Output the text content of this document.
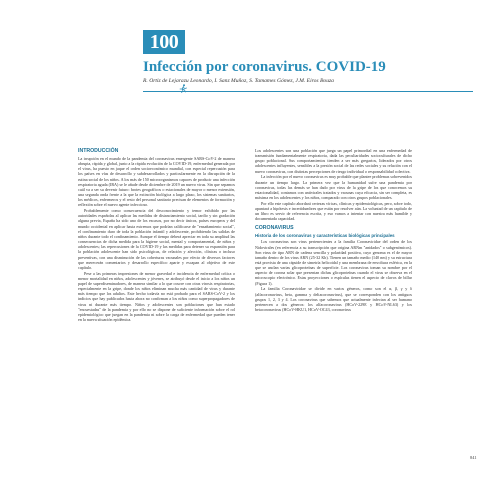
100
Infección por coronavirus. COVID-19
R. Ortiz de Lejarazu Leonardo, I. Sanz Muñoz, S. Tamames Gómez, J.M. Eiros Bouza
INTRODUCCIÓN

La irrupción en el mundo de la pandemia del coronavirus emergente SARS-CoV-2 de manera abrupta, rápida y global, junto a la rápida evolución de la COVID-19, enfermedad generada por el virus, ha puesto en jaque el orden socioeconómico mundial, con especial repercusión para los países en vías de desarrollo y subdesarrollados y particularmente en la disrupción de la rutina social de los niños. A los más de 150 microorganismos capaces de producir una infección respiratoria aguda (IRA) se le añade desde diciembre de 2019 un nuevo virus. Sin que sepamos cuál va a ser su devenir futuro: brotes geográficos o estacionales de mayor o menor extensión, una segunda onda frente a la que la extinción biológica a largo plazo, los sistemas sanitarios, los médicos, enfermeros y el resto del personal sanitario precisan de elementos de formación y reflexión sobre el nuevo agente infeccioso.

Probablemente como consecuencia del desconocimiento y temor exhibido por las autoridades españolas al aplicar las medidas de distanciamiento social, tardío y sin gradación alguna previa, España ha sido uno de los escasos, por no decir únicos, países europeos y del mundo occidental en aplicar hasta extremos que podrían calificarse de "ensañamiento social", el confinamiento duro de toda la población infantil y adolescente, prohibiendo las salidas de niños durante todo el confinamiento. Aunque el tiempo deberá apreciar en toda su amplitud las consecuencias de dicha medida para la higiene social, mental y comportamental, de niños y adolescentes; las repercusiones de la COVID-19 y las medidas para detener su expansión para la población adolescente han sido psicológicas, de relación y afección, clínicas o incluso preventivas, con una disminución de las coberturas vacunales por efecto de diversos factores que merecerán comentarios y desarrollo específico aparte y escapan al objetivo de este capítulo.

Pese a las primeras impresiones de menor gravedad e incidencia de enfermedad crítica o menor mortalidad en niños, adolescentes y jóvenes, se atribuyó desde el inicio a los niños un papel de superdiseminadores, de manera similar a lo que ocurre con otras virosis respiratorias, especialmente en la gripe, donde los niños eliminan mucha más cantidad de virus y durante más tiempo que los adultos. Este hecho todavía no está probado para el SARS-CoV-2 y los indicios que hay publicados hasta ahora no confirman a los niños como superpropagadores de virus ni durante más tiempo. Niños y adolescentes son poblaciones que han estado "encuestadas" de la pandemia y por ello no se dispone de suficiente información sobre el rol epidemiológico que juegan en la pandemia ni sobre la carga de enfermedad que pueden tener en la nueva situación epidémica.

Los adolescentes son una población que juega un papel primordial en una enfermedad de transmisión fundamentalmente respiratoria, dada las peculiaridades socioculturales de dicho grupo poblacional. Sus comportamientos tienden a ser más gregarios, liderados por otros adolescentes influyentes, sensibles a la presión social de las redes sociales y su relación con el nuevo coronavirus, con distintas percepciones de riesgo individual o responsabilidad colectiva.

La infección por el nuevo coronavirus es muy probable que plantee problemas sobrevenidos durante un tiempo largo. La primera vez que la humanidad sufre una pandemia por coronavirus, todas las demás se han dado por virus de la gripe de los que conocemos su estacionalidad, contamos con antivirales tratados y vacunas cuya eficacia, sin ser completa, es máxima en los adolescentes y los niños, comparado con otros grupos poblacionales.

Por ello este capítulo abordará certezas víricas, clínicas y epidemiológicas, pero, sobre todo, apuntará a hipótesis e incertidumbres que están por resolver aún. La voluntad de un capítulo de un libro es servir de referencia escrita, y eso vamos a intentar con nuestra más humilde y documentada capacidad.

CORONAVIRUS
Historia de los coronavirus y características biológicas principales

Los coronavirus son virus pertenecientes a la familia Coronaviridae del orden de los Nidovirales (en referencia a su transcripción que origina ARNm "anidados" o subgenómicos). Son virus de tipo ARN de cadena sencilla y polaridad positiva, cuyo genoma es el de mayor tamaño dentro de los virus ARN (25-32 Kb). Tienen un tamaño medio (140 nm) y su estructura está provista de una cápside de simetría helicoidal y una membrana de envoltura esférica, en la que se anclan varias glicoproteínas de superficie. Los coronavirus toman su nombre por el aspecto de corona solar que presentan dichas glicoproteínas cuando el virus se observa en el microscopio electrónico. Estas proyecciones o espículas tienen el aspecto de clavos de billar (Figura 1).

La familia Coronaviridae se divide en varios géneros, como son el α, β, γ y δ (alfacoronavirus, beta, gamma y deltacoronavirus), que se corresponden con los antiguos grupos 1, 2, 3 y 4. Los coronavirus que sabemos que actualmente infectan al ser humano pertenecen a dos géneros: los alfacoronavirus (HCoV-229E y HCoV-NL63) y los betacoronavirus (HCoV-HKU1, HCoV-OC43, coronavirus

841
